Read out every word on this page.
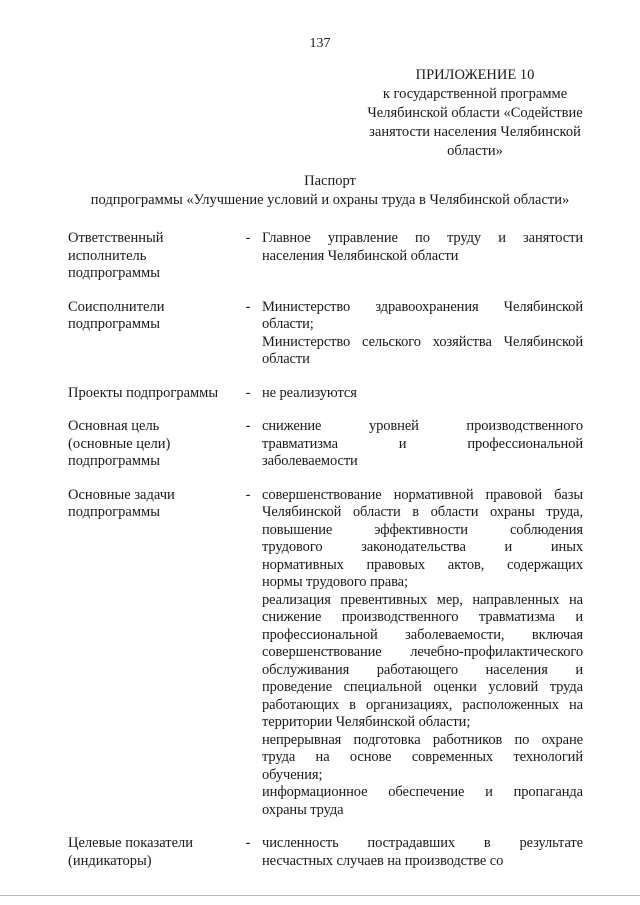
137
ПРИЛОЖЕНИЕ 10
к государственной программе
Челябинской области «Содействие
занятости населения Челябинской
области»
Паспорт
подпрограммы «Улучшение условий и охраны труда в Челябинской области»
Ответственный
исполнитель
подпрограммы
- Главное управление по труду и занятости
населения Челябинской области
Соисполнители
подпрограммы
- Министерство здравоохранения Челябинской
области;
Министерство сельского хозяйства Челябинской
области
Проекты подпрограммы	- не реализуются
Основная цель
(основные цели)
подпрограммы
- снижение уровней производственного
травматизма и профессиональной
заболеваемости
Основные задачи
подпрограммы
- совершенствование нормативной правовой базы
Челябинской области в области охраны труда,
повышение эффективности соблюдения
трудового законодательства и иных
нормативных правовых актов, содержащих
нормы трудового права;
реализация превентивных мер, направленных на
снижение производственного травматизма и
профессиональной заболеваемости, включая
совершенствование лечебно-профилактического
обслуживания работающего населения и
проведение специальной оценки условий труда
работающих в организациях, расположенных на
территории Челябинской области;
непрерывная подготовка работников по охране
труда на основе современных технологий
обучения;
информационное обеспечение и пропаганда
охраны труда
Целевые показатели
(индикаторы)
- численность пострадавших в результате
несчастных случаев на производстве со
